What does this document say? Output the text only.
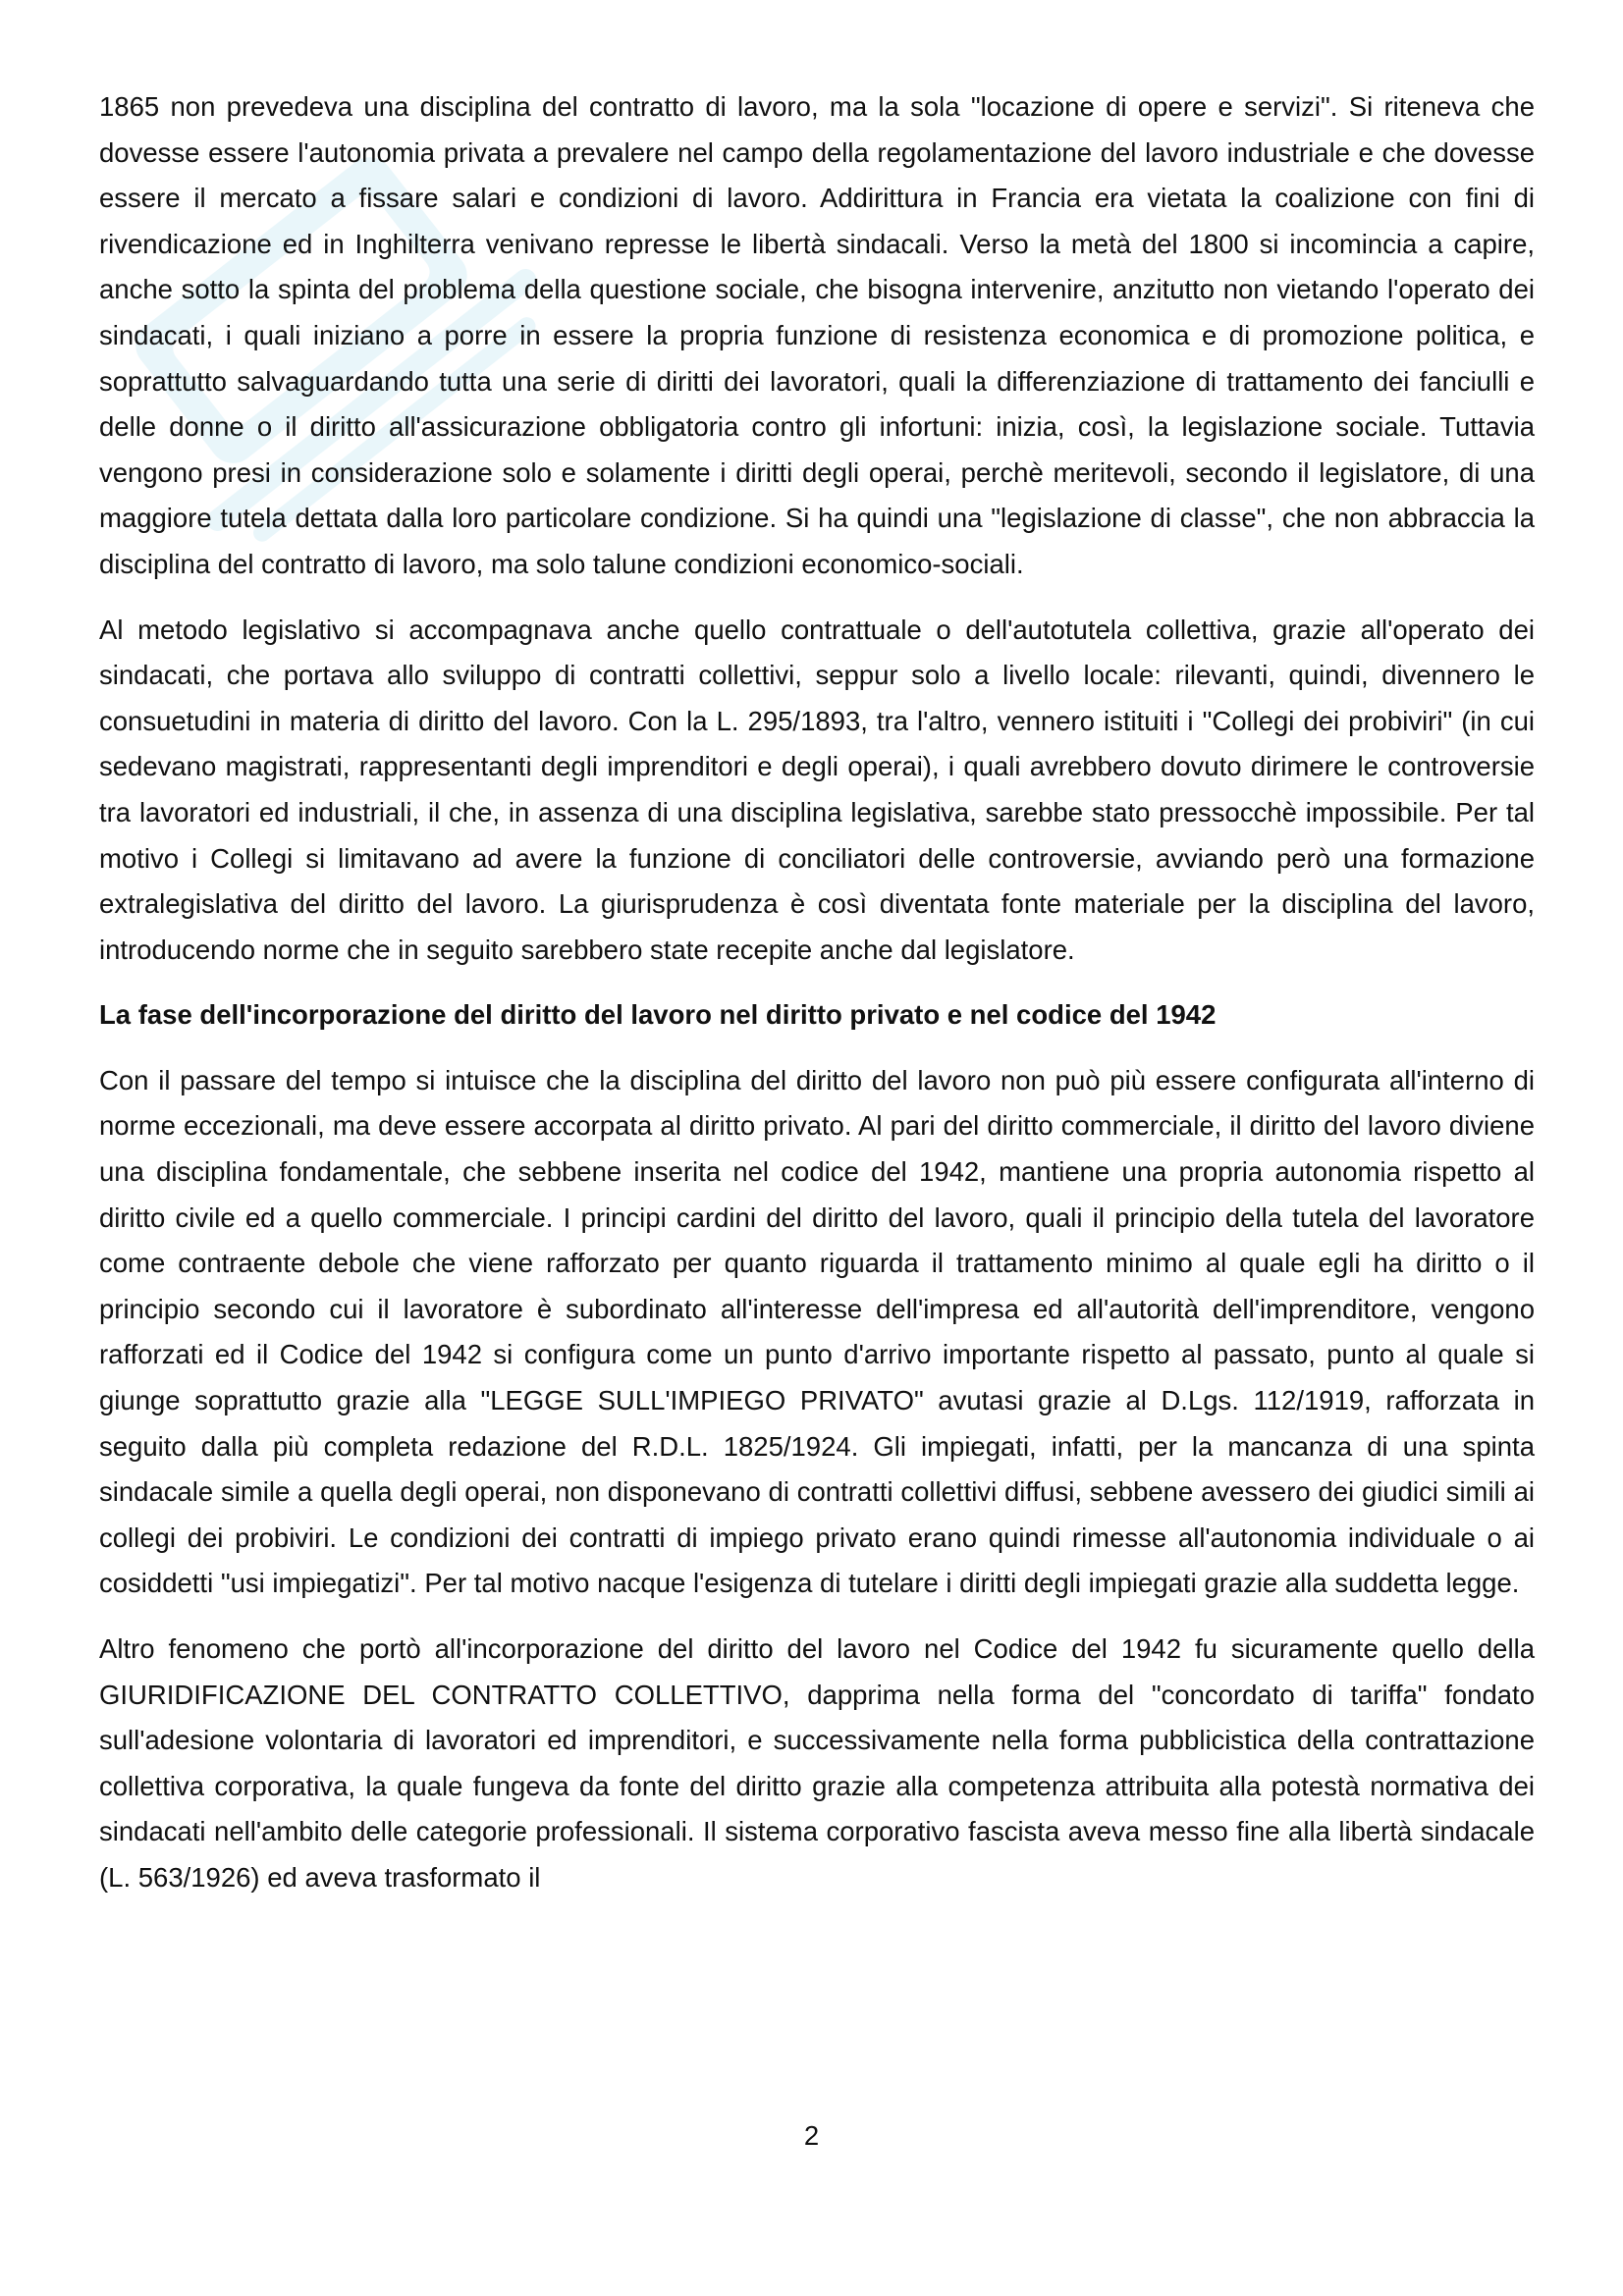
1865 non prevedeva una disciplina del contratto di lavoro, ma la sola "locazione di opere e servizi". Si riteneva che dovesse essere l'autonomia privata a prevalere nel campo della regolamentazione del lavoro industriale e che dovesse essere il mercato a fissare salari e condizioni di lavoro. Addirittura in Francia era vietata la coalizione con fini di rivendicazione ed in Inghilterra venivano represse le libertà sindacali. Verso la metà del 1800 si incomincia a capire, anche sotto la spinta del problema della questione sociale, che bisogna intervenire, anzitutto non vietando l'operato dei sindacati, i quali iniziano a porre in essere la propria funzione di resistenza economica e di promozione politica, e soprattutto salvaguardando tutta una serie di diritti dei lavoratori, quali la differenziazione di trattamento dei fanciulli e delle donne o il diritto all'assicurazione obbligatoria contro gli infortuni: inizia, così, la legislazione sociale. Tuttavia vengono presi in considerazione solo e solamente i diritti degli operai, perchè meritevoli, secondo il legislatore, di una maggiore tutela dettata dalla loro particolare condizione. Si ha quindi una "legislazione di classe", che non abbraccia la disciplina del contratto di lavoro, ma solo talune condizioni economico-sociali.

Al metodo legislativo si accompagnava anche quello contrattuale o dell'autotutela collettiva, grazie all'operato dei sindacati, che portava allo sviluppo di contratti collettivi, seppur solo a livello locale: rilevanti, quindi, divennero le consuetudini in materia di diritto del lavoro. Con la L. 295/1893, tra l'altro, vennero istituiti i "Collegi dei probiviri" (in cui sedevano magistrati, rappresentanti degli imprenditori e degli operai), i quali avrebbero dovuto dirimere le controversie tra lavoratori ed industriali, il che, in assenza di una disciplina legislativa, sarebbe stato pressocchè impossibile. Per tal motivo i Collegi si limitavano ad avere la funzione di conciliatori delle controversie, avviando però una formazione extralegislativa del diritto del lavoro. La giurisprudenza è così diventata fonte materiale per la disciplina del lavoro, introducendo norme che in seguito sarebbero state recepite anche dal legislatore.

La fase dell'incorporazione del diritto del lavoro nel diritto privato e nel codice del 1942

Con il passare del tempo si intuisce che la disciplina del diritto del lavoro non può più essere configurata all'interno di norme eccezionali, ma deve essere accorpata al diritto privato. Al pari del diritto commerciale, il diritto del lavoro diviene una disciplina fondamentale, che sebbene inserita nel codice del 1942, mantiene una propria autonomia rispetto al diritto civile ed a quello commerciale. I principi cardini del diritto del lavoro, quali il principio della tutela del lavoratore come contraente debole che viene rafforzato per quanto riguarda il trattamento minimo al quale egli ha diritto o il principio secondo cui il lavoratore è subordinato all'interesse dell'impresa ed all'autorità dell'imprenditore, vengono rafforzati ed il Codice del 1942 si configura come un punto d'arrivo importante rispetto al passato, punto al quale si giunge soprattutto grazie alla "LEGGE SULL'IMPIEGO PRIVATO" avutasi grazie al D.Lgs. 112/1919, rafforzata in seguito dalla più completa redazione del R.D.L. 1825/1924. Gli impiegati, infatti, per la mancanza di una spinta sindacale simile a quella degli operai, non disponevano di contratti collettivi diffusi, sebbene avessero dei giudici simili ai collegi dei probiviri. Le condizioni dei contratti di impiego privato erano quindi rimesse all'autonomia individuale o ai cosiddetti "usi impiegatizi". Per tal motivo nacque l'esigenza di tutelare i diritti degli impiegati grazie alla suddetta legge.

Altro fenomeno che portò all'incorporazione del diritto del lavoro nel Codice del 1942 fu sicuramente quello della GIURIDIFICAZIONE DEL CONTRATTO COLLETTIVO, dapprima nella forma del "concordato di tariffa" fondato sull'adesione volontaria di lavoratori ed imprenditori, e successivamente nella forma pubblicistica della contrattazione collettiva corporativa, la quale fungeva da fonte del diritto grazie alla competenza attribuita alla potestà normativa dei sindacati nell'ambito delle categorie professionali. Il sistema corporativo fascista aveva messo fine alla libertà sindacale (L. 563/1926) ed aveva trasformato il

2
